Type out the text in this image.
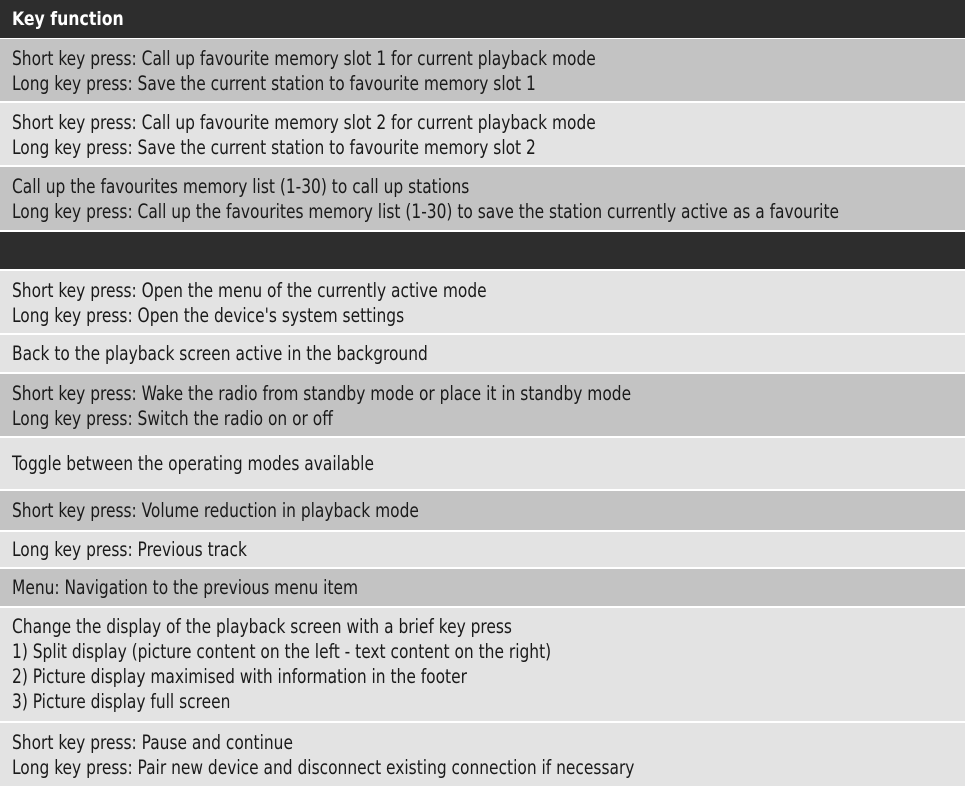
Key function
Short key press: Call up favourite memory slot 1 for current playback mode
Long key press: Save the current station to favourite memory slot 1
Short key press: Call up favourite memory slot 2 for current playback mode
Long key press: Save the current station to favourite memory slot 2
Call up the favourites memory list (1-30) to call up stations
Long key press: Call up the favourites memory list (1-30) to save the station currently active as a favourite
Short key press: Open the menu of the currently active mode
Long key press: Open the device's system settings
Back to the playback screen active in the background
Short key press: Wake the radio from standby mode or place it in standby mode
Long key press: Switch the radio on or off
Toggle between the operating modes available
Short key press: Volume reduction in playback mode
Long key press: Previous track
Menu: Navigation to the previous menu item
Change the display of the playback screen with a brief key press
1) Split display (picture content on the left - text content on the right)
2) Picture display maximised with information in the footer
3) Picture display full screen
Short key press: Pause and continue
Long key press: Pair new device and disconnect existing connection if necessary
